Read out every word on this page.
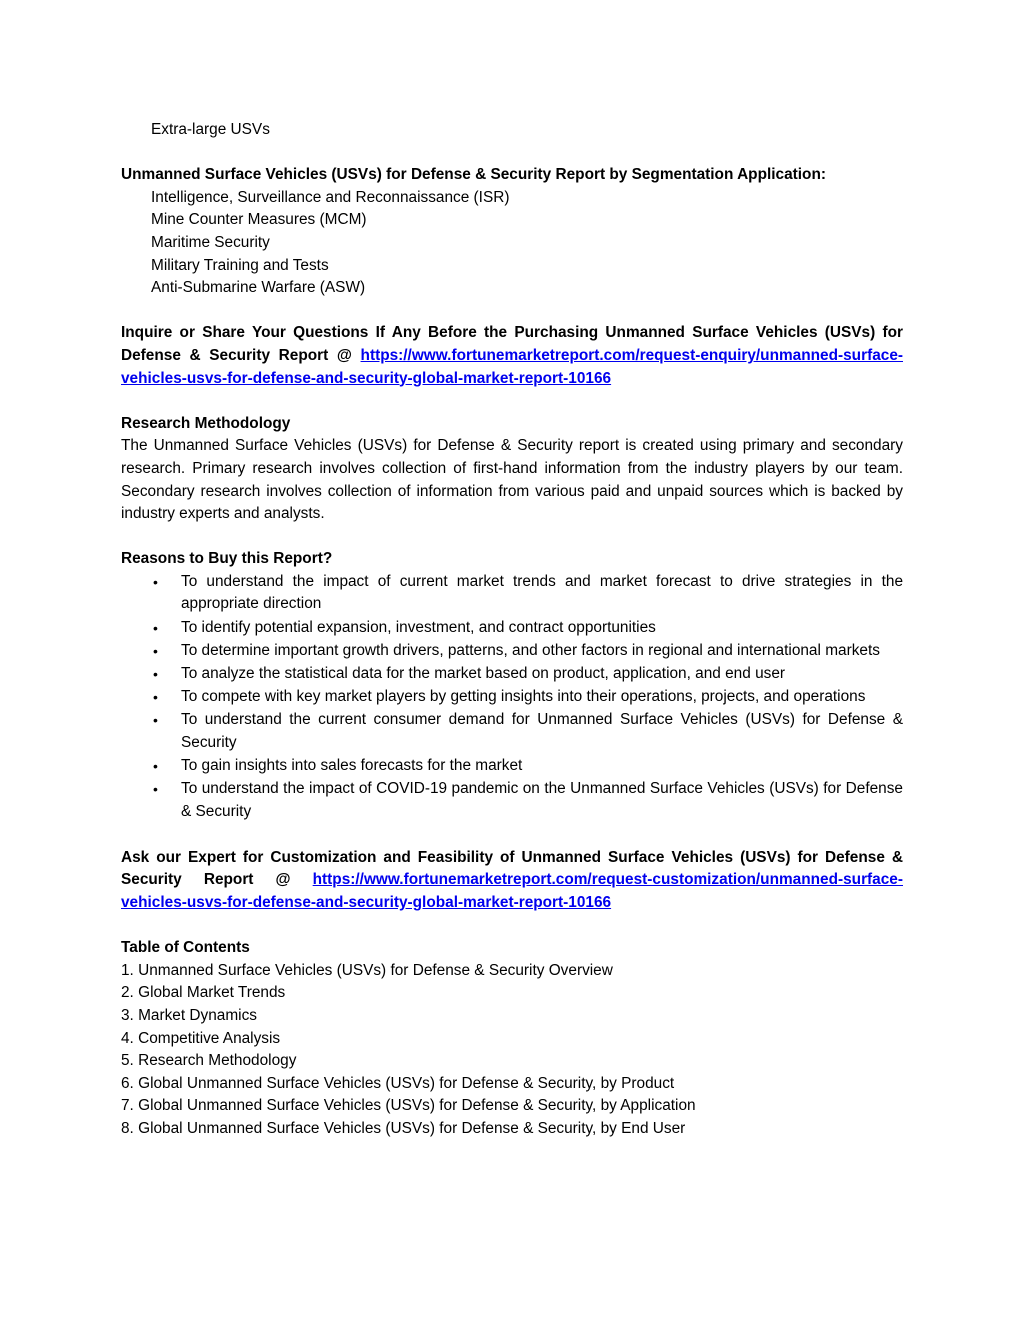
Extra-large USVs
Unmanned Surface Vehicles (USVs) for Defense & Security Report by Segmentation Application:
Intelligence, Surveillance and Reconnaissance (ISR)
Mine Counter Measures (MCM)
Maritime Security
Military Training and Tests
Anti-Submarine Warfare (ASW)
Inquire or Share Your Questions If Any Before the Purchasing Unmanned Surface Vehicles (USVs) for Defense & Security Report @ https://www.fortunemarketreport.com/request-enquiry/unmanned-surface-vehicles-usvs-for-defense-and-security-global-market-report-10166
Research Methodology
The Unmanned Surface Vehicles (USVs) for Defense & Security report is created using primary and secondary research. Primary research involves collection of first-hand information from the industry players by our team. Secondary research involves collection of information from various paid and unpaid sources which is backed by industry experts and analysts.
Reasons to Buy this Report?
• To understand the impact of current market trends and market forecast to drive strategies in the appropriate direction
• To identify potential expansion, investment, and contract opportunities
• To determine important growth drivers, patterns, and other factors in regional and international markets
• To analyze the statistical data for the market based on product, application, and end user
• To compete with key market players by getting insights into their operations, projects, and operations
• To understand the current consumer demand for Unmanned Surface Vehicles (USVs) for Defense & Security
• To gain insights into sales forecasts for the market
• To understand the impact of COVID-19 pandemic on the Unmanned Surface Vehicles (USVs) for Defense & Security
Ask our Expert for Customization and Feasibility of Unmanned Surface Vehicles (USVs) for Defense & Security Report @ https://www.fortunemarketreport.com/request-customization/unmanned-surface-vehicles-usvs-for-defense-and-security-global-market-report-10166
Table of Contents
1. Unmanned Surface Vehicles (USVs) for Defense & Security Overview
2. Global Market Trends
3. Market Dynamics
4. Competitive Analysis
5. Research Methodology
6. Global Unmanned Surface Vehicles (USVs) for Defense & Security, by Product
7. Global Unmanned Surface Vehicles (USVs) for Defense & Security, by Application
8. Global Unmanned Surface Vehicles (USVs) for Defense & Security, by End User
